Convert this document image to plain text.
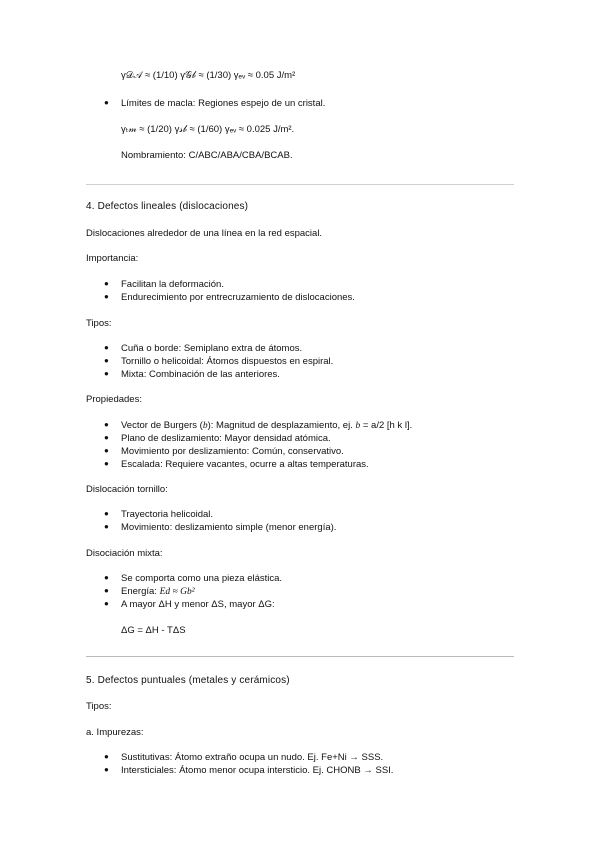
γ𝒟𝒜 ≈ (1/10) γ𝒢𝒷 ≈ (1/30) γₑᵥ ≈ 0.05 J/m²
● Límites de macla: Regiones espejo de un cristal.
γₜ𝓂 ≈ (1/20) γ𝓈𝒷 ≈ (1/60) γₑᵥ ≈ 0.025 J/m².
Nombramiento: C/ABC/ABA/CBA/BCAB.
4. Defectos lineales (dislocaciones)
Dislocaciones alrededor de una línea en la red espacial.
Importancia:
● Facilitan la deformación.
● Endurecimiento por entrecruzamiento de dislocaciones.
Tipos:
● Cuña o borde: Semiplano extra de átomos.
● Tornillo o helicoidal: Átomos dispuestos en espiral.
● Mixta: Combinación de las anteriores.
Propiedades:
● Vector de Burgers (b): Magnitud de desplazamiento, ej. b = a/2 [h k l].
● Plano de deslizamiento: Mayor densidad atómica.
● Movimiento por deslizamiento: Común, conservativo.
● Escalada: Requiere vacantes, ocurre a altas temperaturas.
Dislocación tornillo:
● Trayectoria helicoidal.
● Movimiento: deslizamiento simple (menor energía).
Disociación mixta:
● Se comporta como una pieza elástica.
● Energía: Ed ≈ Gb²
● A mayor ΔH y menor ΔS, mayor ΔG:
ΔG = ΔH - TΔS
5. Defectos puntuales (metales y cerámicos)
Tipos:
a. Impurezas:
● Sustitutivas: Átomo extraño ocupa un nudo. Ej. Fe+Ni → SSS.
● Intersticiales: Átomo menor ocupa intersticio. Ej. CHONB → SSI.
